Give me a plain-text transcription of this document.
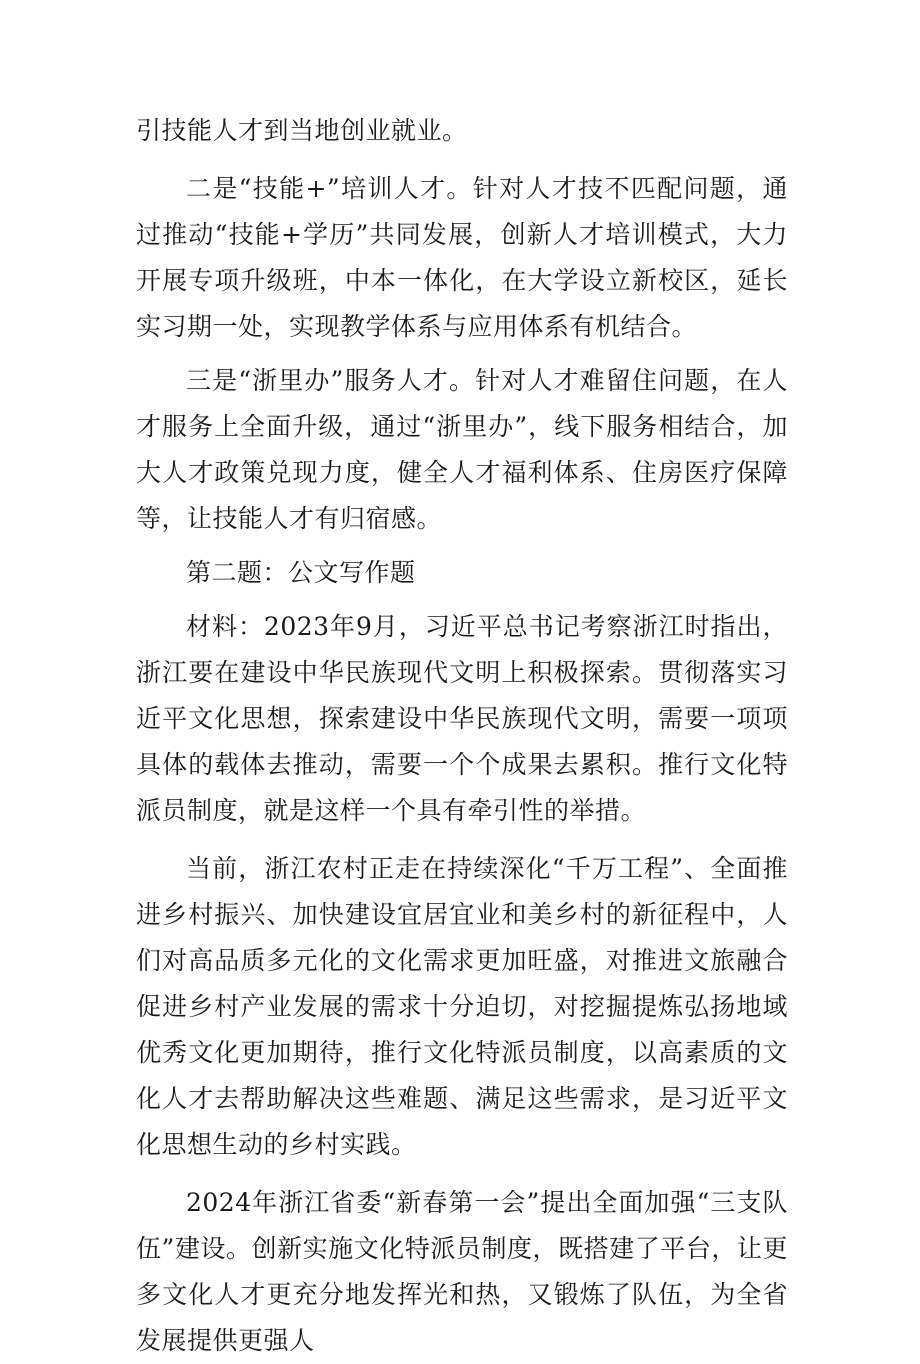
引技能人才到当地创业就业。

二是“技能+”培训人才。针对人才技不匹配问题，通过推动“技能+学历”共同发展，创新人才培训模式，大力开展专项升级班，中本一体化，在大学设立新校区，延长实习期一处，实现教学体系与应用体系有机结合。

三是“浙里办”服务人才。针对人才难留住问题，在人才服务上全面升级，通过“浙里办”，线下服务相结合，加大人才政策兑现力度，健全人才福利体系、住房医疗保障等，让技能人才有归宿感。

第二题：公文写作题

材料：2023年9月，习近平总书记考察浙江时指出，浙江要在建设中华民族现代文明上积极探索。贯彻落实习近平文化思想，探索建设中华民族现代文明，需要一项项具体的载体去推动，需要一个个成果去累积。推行文化特派员制度，就是这样一个具有牵引性的举措。

当前，浙江农村正走在持续深化“千万工程”、全面推进乡村振兴、加快建设宜居宜业和美乡村的新征程中，人们对高品质多元化的文化需求更加旺盛，对推进文旅融合促进乡村产业发展的需求十分迫切，对挖掘提炼弘扬地域优秀文化更加期待，推行文化特派员制度，以高素质的文化人才去帮助解决这些难题、满足这些需求，是习近平文化思想生动的乡村实践。

2024年浙江省委“新春第一会”提出全面加强“三支队伍”建设。创新实施文化特派员制度，既搭建了平台，让更多文化人才更充分地发挥光和热，又锻炼了队伍，为全省发展提供更强人
